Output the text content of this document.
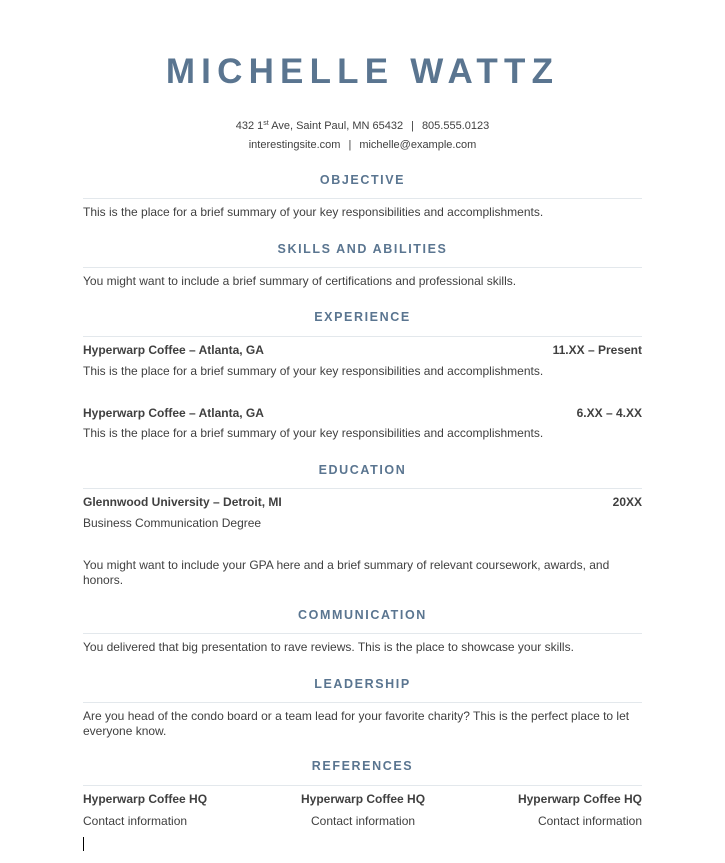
MICHELLE WATTZ
432 1st Ave, Saint Paul, MN 65432 | 805.555.0123
interestingsite.com | michelle@example.com
OBJECTIVE
This is the place for a brief summary of your key responsibilities and accomplishments.
SKILLS AND ABILITIES
You might want to include a brief summary of certifications and professional skills.
EXPERIENCE
Hyperwarp Coffee – Atlanta, GA	11.XX – Present
This is the place for a brief summary of your key responsibilities and accomplishments.
Hyperwarp Coffee – Atlanta, GA	6.XX – 4.XX
This is the place for a brief summary of your key responsibilities and accomplishments.
EDUCATION
Glennwood University – Detroit, MI	20XX
Business Communication Degree
You might want to include your GPA here and a brief summary of relevant coursework, awards, and honors.
COMMUNICATION
You delivered that big presentation to rave reviews. This is the place to showcase your skills.
LEADERSHIP
Are you head of the condo board or a team lead for your favorite charity? This is the perfect place to let everyone know.
REFERENCES
Hyperwarp Coffee HQ
Contact information
Hyperwarp Coffee HQ
Contact information
Hyperwarp Coffee HQ
Contact information
